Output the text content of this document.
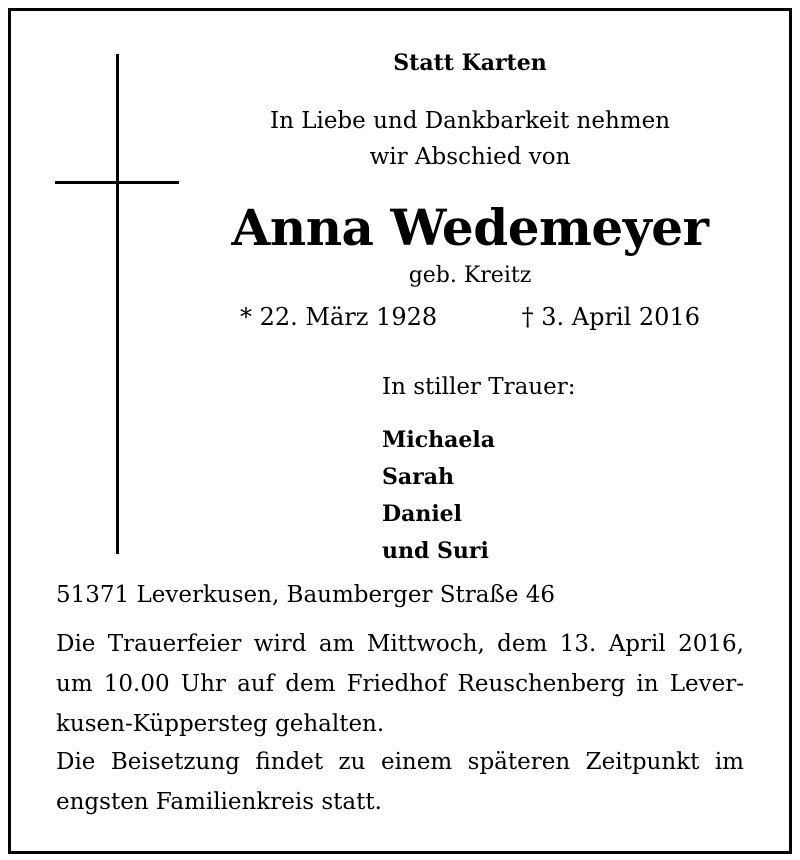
Statt Karten
In Liebe und Dankbarkeit nehmen
wir Abschied von
Anna Wedemeyer
geb. Kreitz
* 22. März 1928	† 3. April 2016
In stiller Trauer:
Michaela
Sarah
Daniel
und Suri
51371 Leverkusen, Baumberger Straße 46
Die Trauerfeier wird am Mittwoch, dem 13. April 2016,
um 10.00 Uhr auf dem Friedhof Reuschenberg in Lever-
kusen-Küppersteg gehalten.
Die Beisetzung findet zu einem späteren Zeitpunkt im
engsten Familienkreis statt.
